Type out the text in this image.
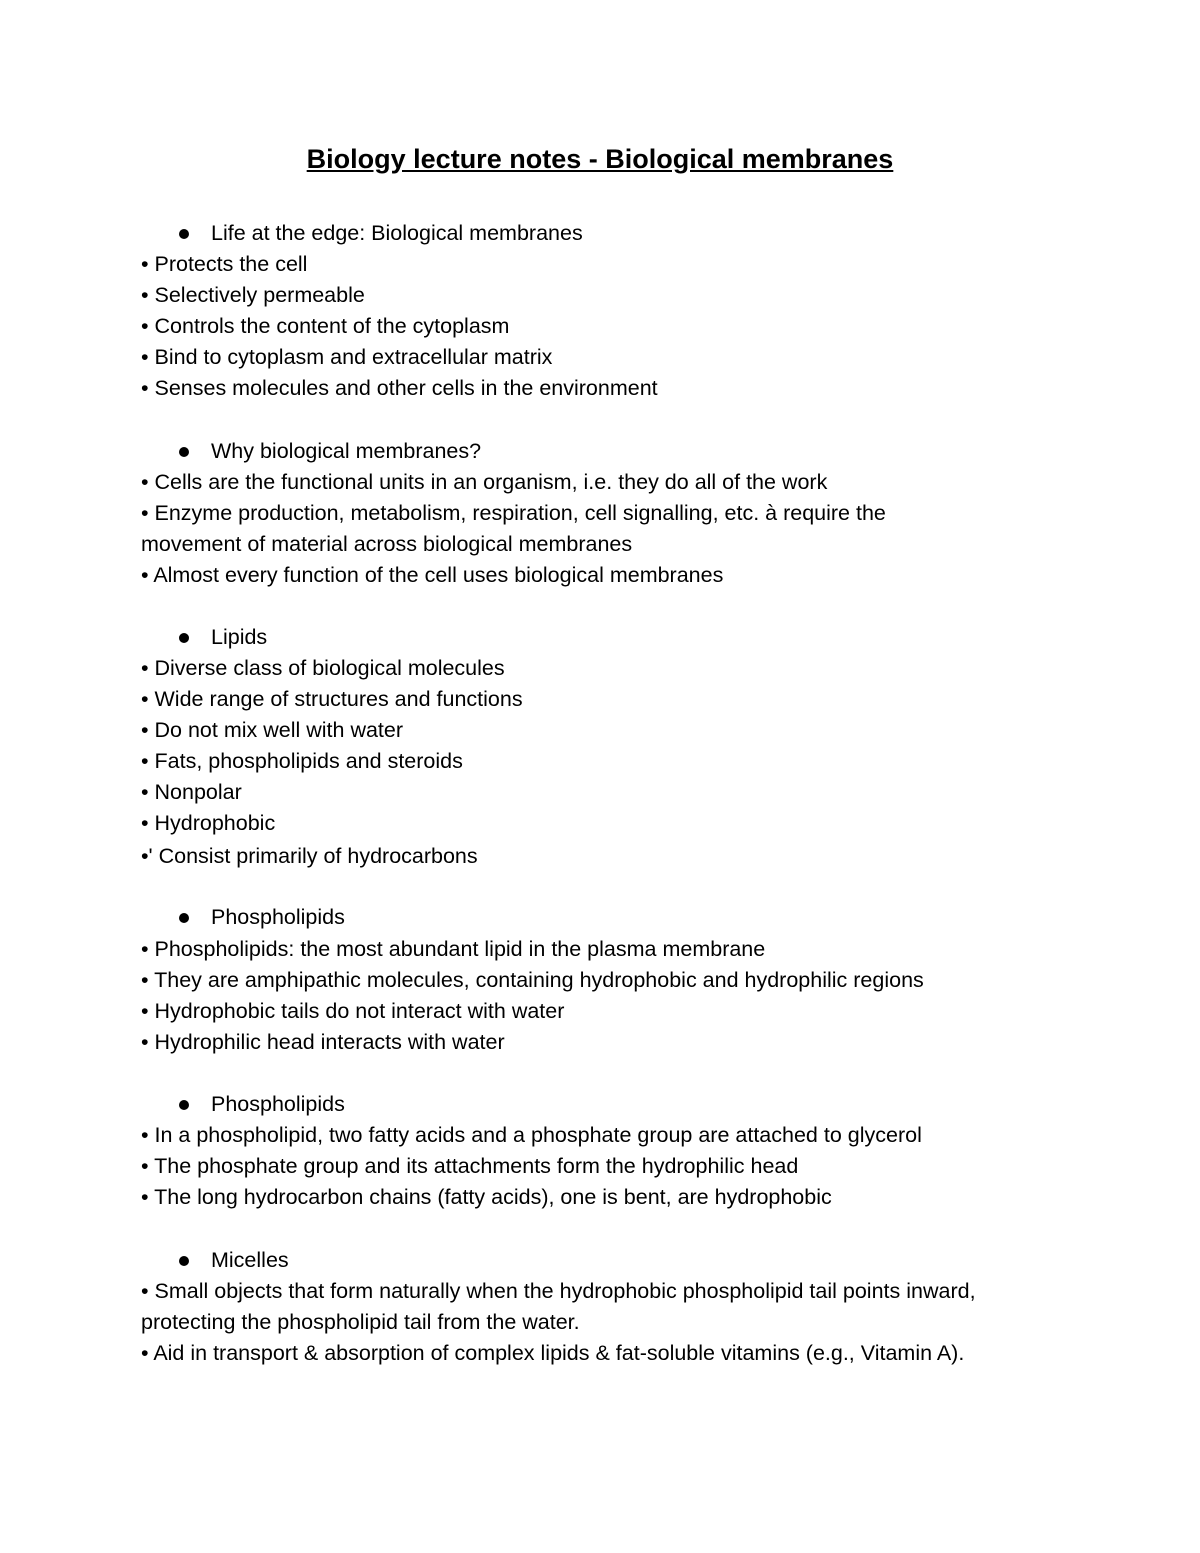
Biology lecture notes - Biological membranes
Life at the edge: Biological membranes
• Protects the cell
• Selectively permeable
• Controls the content of the cytoplasm
• Bind to cytoplasm and extracellular matrix
• Senses molecules and other cells in the environment
Why biological membranes?
• Cells are the functional units in an organism, i.e. they do all of the work
• Enzyme production, metabolism, respiration, cell signalling, etc. à require the
movement of material across biological membranes
• Almost every function of the cell uses biological membranes
Lipids
• Diverse class of biological molecules
• Wide range of structures and functions
• Do not mix well with water
• Fats, phospholipids and steroids
• Nonpolar
• Hydrophobic
•' Consist primarily of hydrocarbons
Phospholipids
• Phospholipids: the most abundant lipid in the plasma membrane
• They are amphipathic molecules, containing hydrophobic and hydrophilic regions
• Hydrophobic tails do not interact with water
• Hydrophilic head interacts with water
Phospholipids
• In a phospholipid, two fatty acids and a phosphate group are attached to glycerol
• The phosphate group and its attachments form the hydrophilic head
• The long hydrocarbon chains (fatty acids), one is bent, are hydrophobic
Micelles
• Small objects that form naturally when the hydrophobic phospholipid tail points inward,
protecting the phospholipid tail from the water.
• Aid in transport & absorption of complex lipids & fat-soluble vitamins (e.g., Vitamin A).
